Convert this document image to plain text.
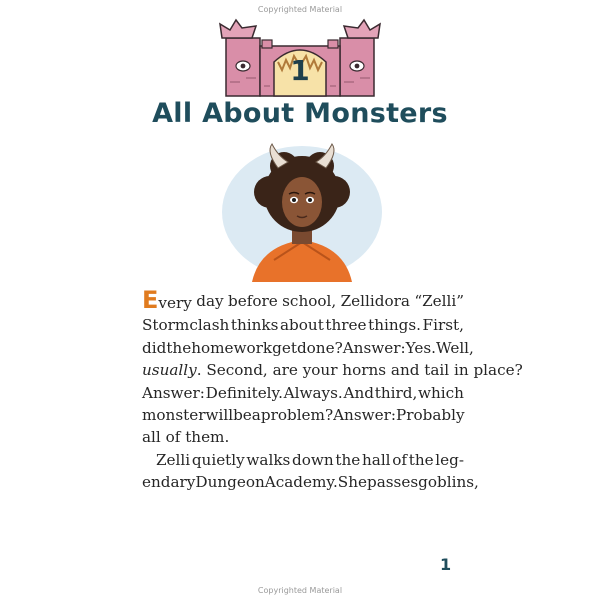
Copyrighted Material
1
All About Monsters
Every day before school, Zellidora “Zelli”
Stormclash thinks about three things. First,
did the homework get done? Answer: Yes. Well,
usually. Second, are your horns and tail in place?
Answer: Definitely. Always. And third, which
monster will be a problem? Answer: Probably
all of them.
Zelli quietly walks down the hall of the leg-
endary Dungeon Academy. She passes goblins,
1
Copyrighted Material
